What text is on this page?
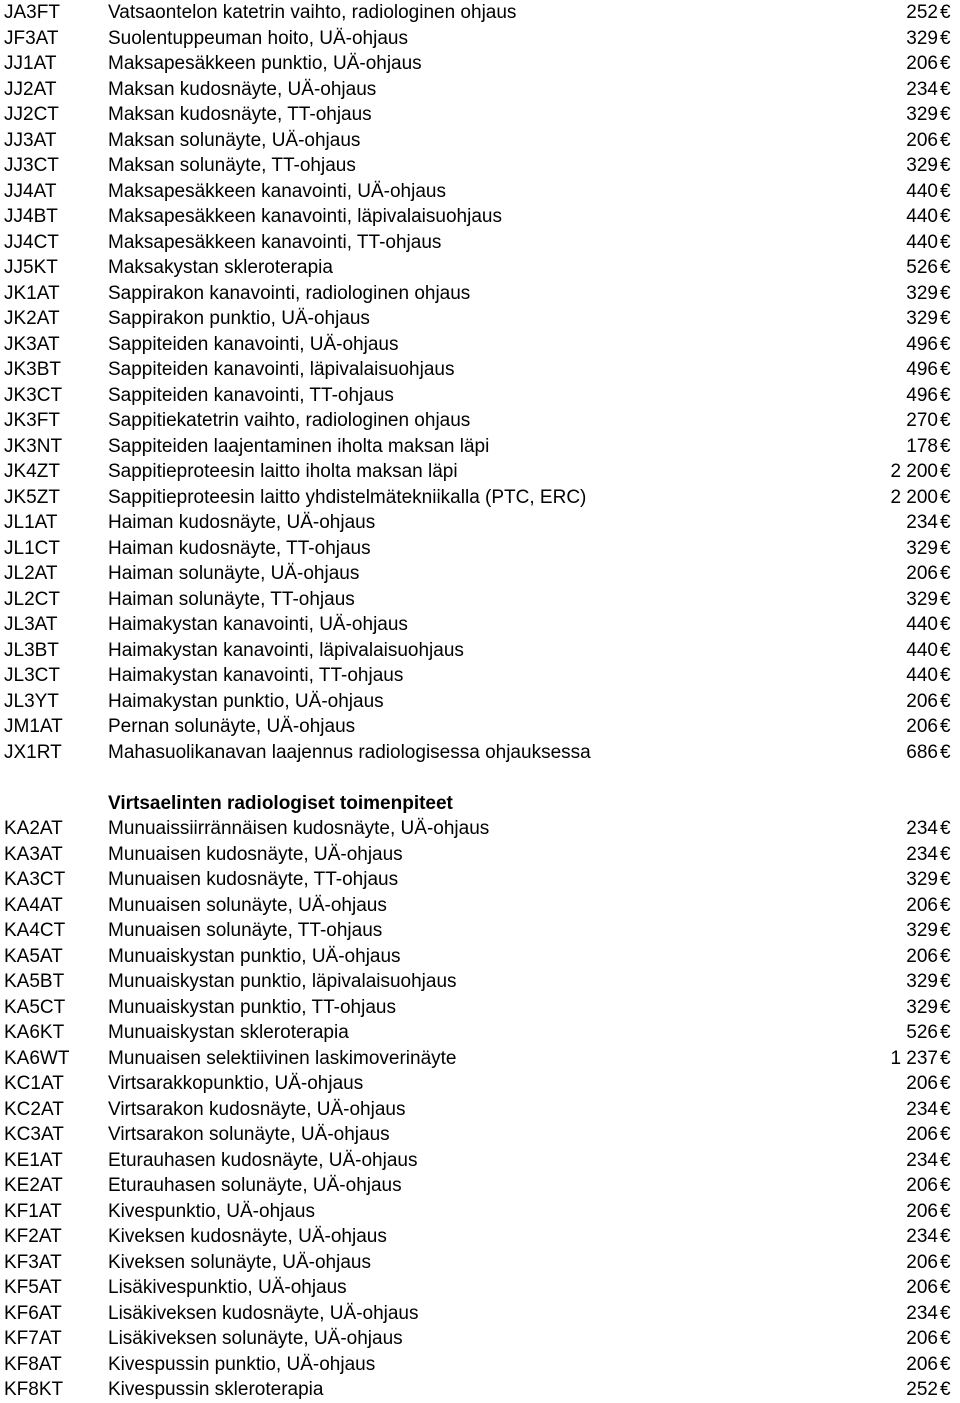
JA3FT	Vatsaontelon katetrin vaihto, radiologinen ohjaus	252 €
JF3AT	Suolentuppeuman hoito, UÄ-ohjaus	329 €
JJ1AT	Maksapesäkkeen punktio, UÄ-ohjaus	206 €
JJ2AT	Maksan kudosnäyte, UÄ-ohjaus	234 €
JJ2CT	Maksan kudosnäyte, TT-ohjaus	329 €
JJ3AT	Maksan solunäyte, UÄ-ohjaus	206 €
JJ3CT	Maksan solunäyte, TT-ohjaus	329 €
JJ4AT	Maksapesäkkeen kanavointi, UÄ-ohjaus	440 €
JJ4BT	Maksapesäkkeen kanavointi, läpivalaisuohjaus	440 €
JJ4CT	Maksapesäkkeen kanavointi, TT-ohjaus	440 €
JJ5KT	Maksakystan skleroterapia	526 €
JK1AT	Sappirakon kanavointi, radiologinen ohjaus	329 €
JK2AT	Sappirakon punktio, UÄ-ohjaus	329 €
JK3AT	Sappiteiden kanavointi, UÄ-ohjaus	496 €
JK3BT Sappiteiden kanavointi, läpivalaisuohjaus	496 €
JK3CT Sappiteiden kanavointi, TT-ohjaus	496 €
JK3FT	Sappitiekatetrin vaihto, radiologinen ohjaus	270 €
JK3NT Sappiteiden laajentaminen iholta maksan läpi	178 €
JK4ZT	Sappitieproteesin laitto iholta maksan läpi	2 200 €
JK5ZT	Sappitieproteesin laitto yhdistelmätekniikalla (PTC, ERC)	2 200 €
JL1AT	Haiman kudosnäyte, UÄ-ohjaus	234 €
JL1CT	Haiman kudosnäyte, TT-ohjaus	329 €
JL2AT	Haiman solunäyte, UÄ-ohjaus	206 €
JL2CT	Haiman solunäyte, TT-ohjaus	329 €
JL3AT	Haimakystan kanavointi, UÄ-ohjaus	440 €
JL3BT	Haimakystan kanavointi, läpivalaisuohjaus	440 €
JL3CT	Haimakystan kanavointi, TT-ohjaus	440 €
JL3YT	Haimakystan punktio, UÄ-ohjaus	206 €
JM1AT Pernan solunäyte, UÄ-ohjaus	206 €
JX1RT Mahasuolikanavan laajennus radiologisessa ohjauksessa	686 €
Virtsaelinten radiologiset toimenpiteet
KA2AT Munuaissiirrännäisen kudosnäyte, UÄ-ohjaus	234 €
KA3AT Munuaisen kudosnäyte, UÄ-ohjaus	234 €
KA3CT Munuaisen kudosnäyte, TT-ohjaus	329 €
KA4AT Munuaisen solunäyte, UÄ-ohjaus	206 €
KA4CT Munuaisen solunäyte, TT-ohjaus	329 €
KA5AT Munuaiskystan punktio, UÄ-ohjaus	206 €
KA5BT Munuaiskystan punktio, läpivalaisuohjaus	329 €
KA5CT Munuaiskystan punktio, TT-ohjaus	329 €
KA6KT Munuaiskystan skleroterapia	526 €
KA6WT Munuaisen selektiivinen laskimoverinäyte	1 237 €
KC1AT Virtsarakkopunktio, UÄ-ohjaus	206 €
KC2AT Virtsarakon kudosnäyte, UÄ-ohjaus	234 €
KC3AT Virtsarakon solunäyte, UÄ-ohjaus	206 €
KE1AT Eturauhasen kudosnäyte, UÄ-ohjaus	234 €
KE2AT Eturauhasen solunäyte, UÄ-ohjaus	206 €
KF1AT Kivespunktio, UÄ-ohjaus	206 €
KF2AT Kiveksen kudosnäyte, UÄ-ohjaus	234 €
KF3AT Kiveksen solunäyte, UÄ-ohjaus	206 €
KF5AT Lisäkivespunktio, UÄ-ohjaus	206 €
KF6AT Lisäkiveksen kudosnäyte, UÄ-ohjaus	234 €
KF7AT Lisäkiveksen solunäyte, UÄ-ohjaus	206 €
KF8AT Kivespussin punktio, UÄ-ohjaus	206 €
KF8KT Kivespussin skleroterapia	252 €
